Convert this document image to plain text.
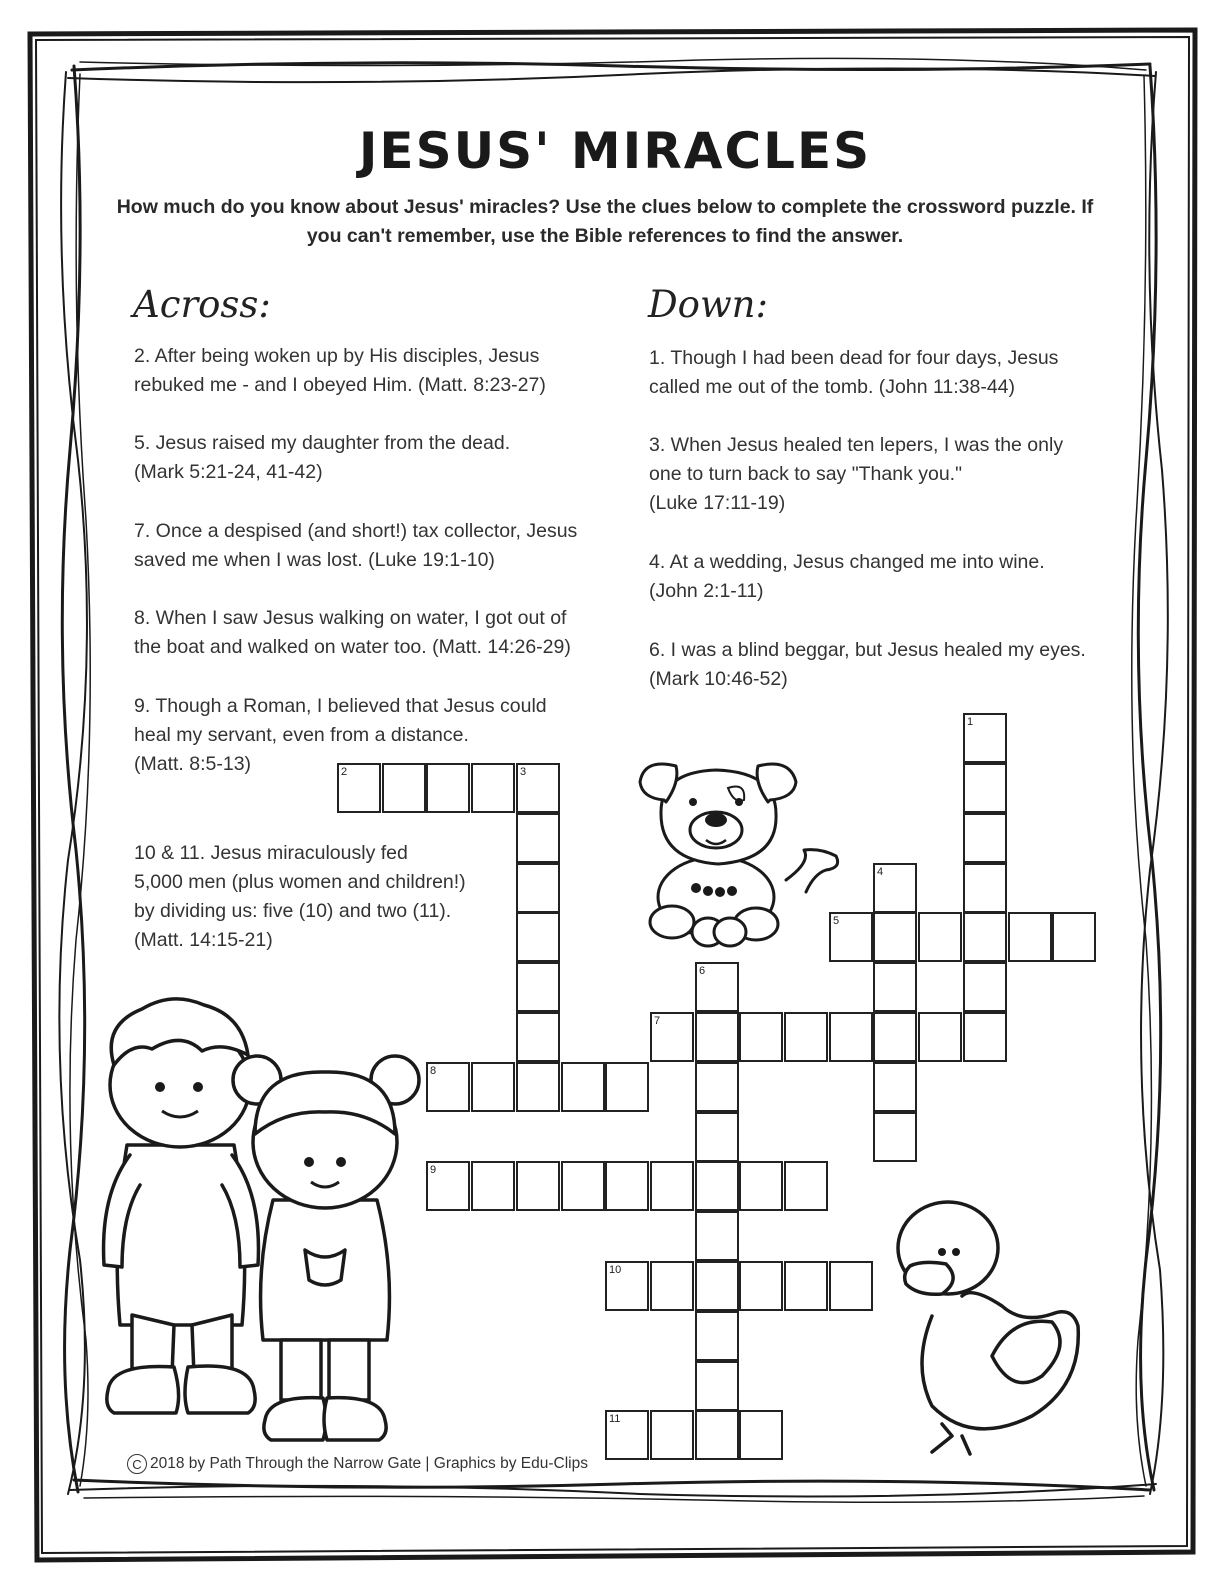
JESUS' MIRACLES

How much do you know about Jesus' miracles? Use the clues below to complete the crossword puzzle. If you can't remember, use the Bible references to find the answer.

Across:

2. After being woken up by His disciples, Jesus
rebuked me - and I obeyed Him. (Matt. 8:23-27)
5. Jesus raised my daughter from the dead.
(Mark 5:21-24, 41-42)
7. Once a despised (and short!) tax collector, Jesus
saved me when I was lost. (Luke 19:1-10)
8. When I saw Jesus walking on water, I got out of
the boat and walked on water too. (Matt. 14:26-29)
9. Though a Roman, I believed that Jesus could
heal my servant, even from a distance.
(Matt. 8:5-13)
10 & 11. Jesus miraculously fed
5,000 men (plus women and children!)
by dividing us: five (10) and two (11).
(Matt. 14:15-21)

Down:

1. Though I had been dead for four days, Jesus
called me out of the tomb. (John 11:38-44)
3. When Jesus healed ten lepers, I was the only
one to turn back to say "Thank you."
(Luke 17:11-19)
4. At a wedding, Jesus changed me into wine.
(John 2:1-11)
6. I was a blind beggar, but Jesus healed my eyes.
(Mark 10:46-52)
1
2	3
4
5
6
7
8
9
10
11
C 2018 by Path Through the Narrow Gate | Graphics by Edu-Clips
